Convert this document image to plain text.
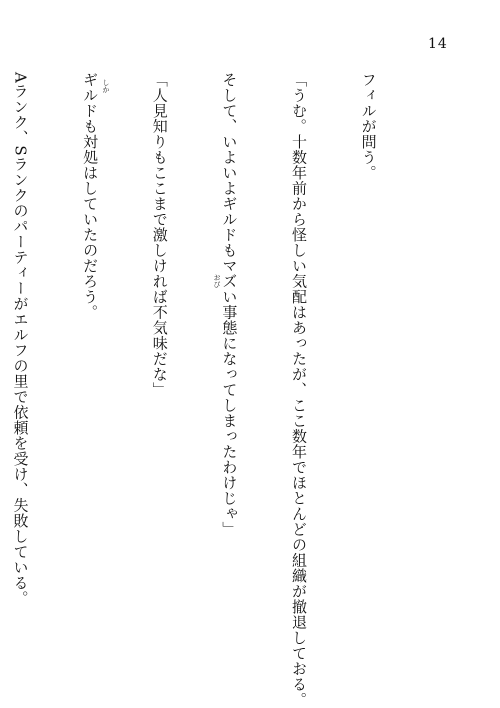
14

フィルが問う。

「うむ。十数年前から怪しい気配はあったが、ここ数年でほとんどの組織が撤退しておる。

そして、いよいよギルドもマズい事態になってしまったわけじゃ」

「人見知りもここまで激しければ不気味だな」

ギルドも対処はしていたのだろう。

Aランク、Sランクのパーティーがエルフの里で依頼を受け、失敗している。

	おび
しか
